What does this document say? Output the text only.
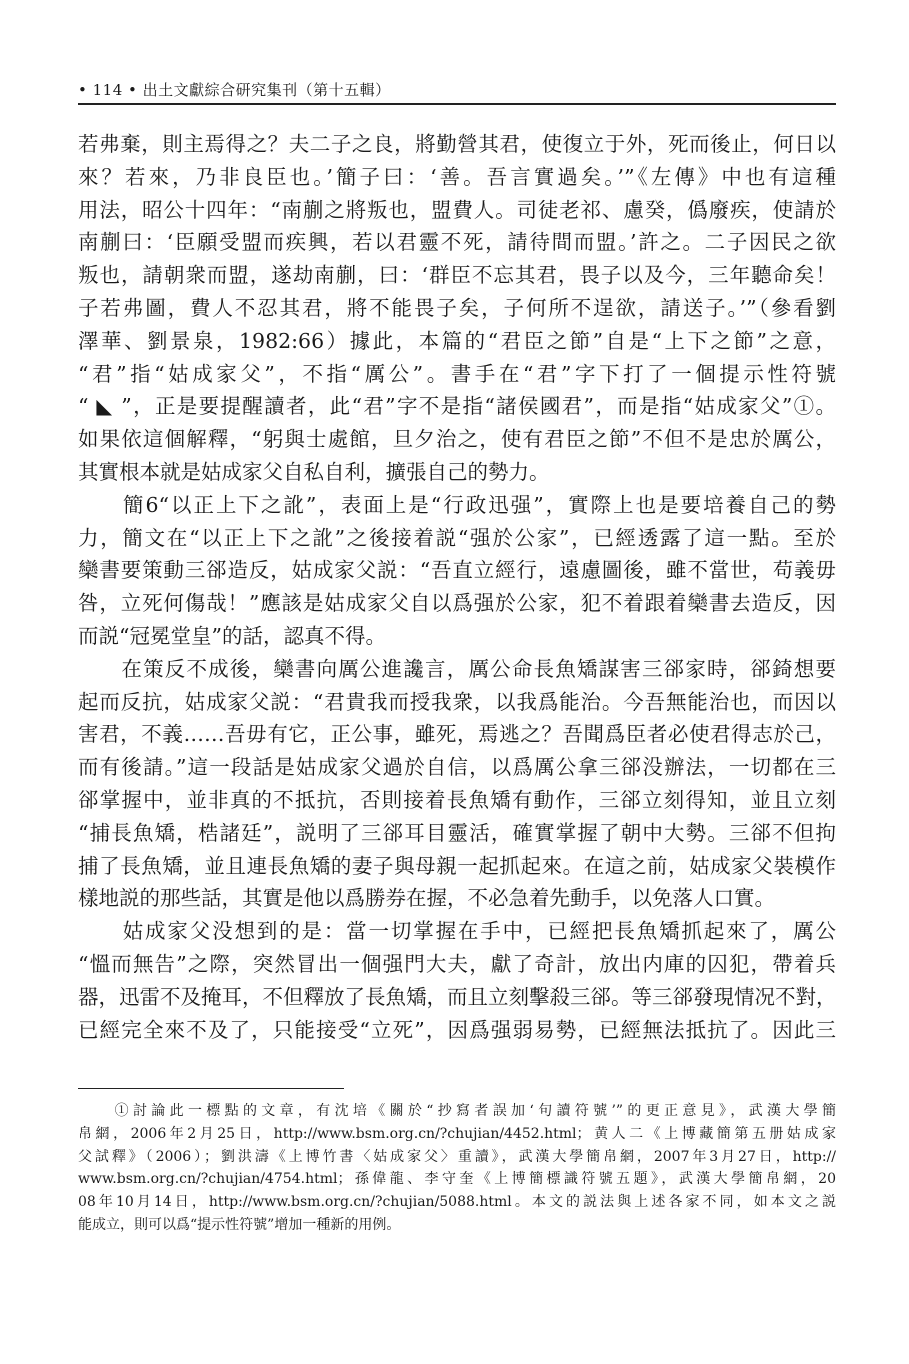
• 114 • 出土文獻綜合研究集刊（第十五輯）
若弗棄，則主焉得之？夫二子之良，將勤營其君，使復立于外，死而後止，何日以
來？若來，乃非良臣也。’簡子曰：‘善。吾言實過矣。’”《左傳》中也有這種
用法，昭公十四年：“南蒯之將叛也，盟費人。司徒老祁、慮癸，僞廢疾，使請於
南蒯曰：‘臣願受盟而疾興，若以君靈不死，請待間而盟。’許之。二子因民之欲
叛也，請朝衆而盟，遂劫南蒯，曰：‘群臣不忘其君，畏子以及今，三年聽命矣！
子若弗圖，費人不忍其君，將不能畏子矣，子何所不逞欲，請送子。’”（參看劉
澤華、劉景泉，1982:66）據此，本篇的“君臣之節”自是“上下之節”之意，
“君”指“姑成家父”，不指“厲公”。書手在“君”字下打了一個提示性符號
“ ◣ ”，正是要提醒讀者，此“君”字不是指“諸侯國君”，而是指“姑成家父”①。
如果依這個解釋，“躬與士處館，旦夕治之，使有君臣之節”不但不是忠於厲公，
其實根本就是姑成家父自私自利，擴張自己的勢力。
　　簡6“以正上下之訛”，表面上是“行政迅强”，實際上也是要培養自己的勢
力，簡文在“以正上下之訛”之後接着説“强於公家”，已經透露了這一點。至於
欒書要策動三郤造反，姑成家父説：“吾直立經行，遠慮圖後，雖不當世，苟義毋
咎，立死何傷哉！”應該是姑成家父自以爲强於公家，犯不着跟着欒書去造反，因
而説“冠冕堂皇”的話，認真不得。
　　在策反不成後，欒書向厲公進讒言，厲公命長魚矯謀害三郤家時，郤錡想要
起而反抗，姑成家父説：“君貴我而授我衆，以我爲能治。今吾無能治也，而因以
害君，不義……吾毋有它，正公事，雖死，焉逃之？吾聞爲臣者必使君得志於己，
而有後請。”這一段話是姑成家父過於自信，以爲厲公拿三郤没辦法，一切都在三
郤掌握中，並非真的不抵抗，否則接着長魚矯有動作，三郤立刻得知，並且立刻
“捕長魚矯，梏諸廷”，説明了三郤耳目靈活，確實掌握了朝中大勢。三郤不但拘
捕了長魚矯，並且連長魚矯的妻子與母親一起抓起來。在這之前，姑成家父裝模作
樣地説的那些話，其實是他以爲勝券在握，不必急着先動手，以免落人口實。
　　姑成家父没想到的是：當一切掌握在手中，已經把長魚矯抓起來了，厲公
“慍而無告”之際，突然冒出一個强門大夫，獻了奇計，放出内庫的囚犯，帶着兵
器，迅雷不及掩耳，不但釋放了長魚矯，而且立刻擊殺三郤。等三郤發現情况不對，
已經完全來不及了，只能接受“立死”，因爲强弱易勢，已經無法抵抗了。因此三
　　①討論此一標點的文章，有沈培《關於“抄寫者誤加‘句讀符號’”的更正意見》，武漢大學簡
帛網，2006年2月25日，http://www.bsm.org.cn/?chujian/4452.html；黄人二《上博藏簡第五册姑成家
父試釋》（2006）；劉洪濤《上博竹書〈姑成家父〉重讀》，武漢大學簡帛網，2007年3月27日，http://
www.bsm.org.cn/?chujian/4754.html；孫偉龍、李守奎《上博簡標識符號五題》，武漢大學簡帛網，20
08年10月14日，http://www.bsm.org.cn/?chujian/5088.html。本文的説法與上述各家不同，如本文之説
能成立，則可以爲“提示性符號”增加一種新的用例。
